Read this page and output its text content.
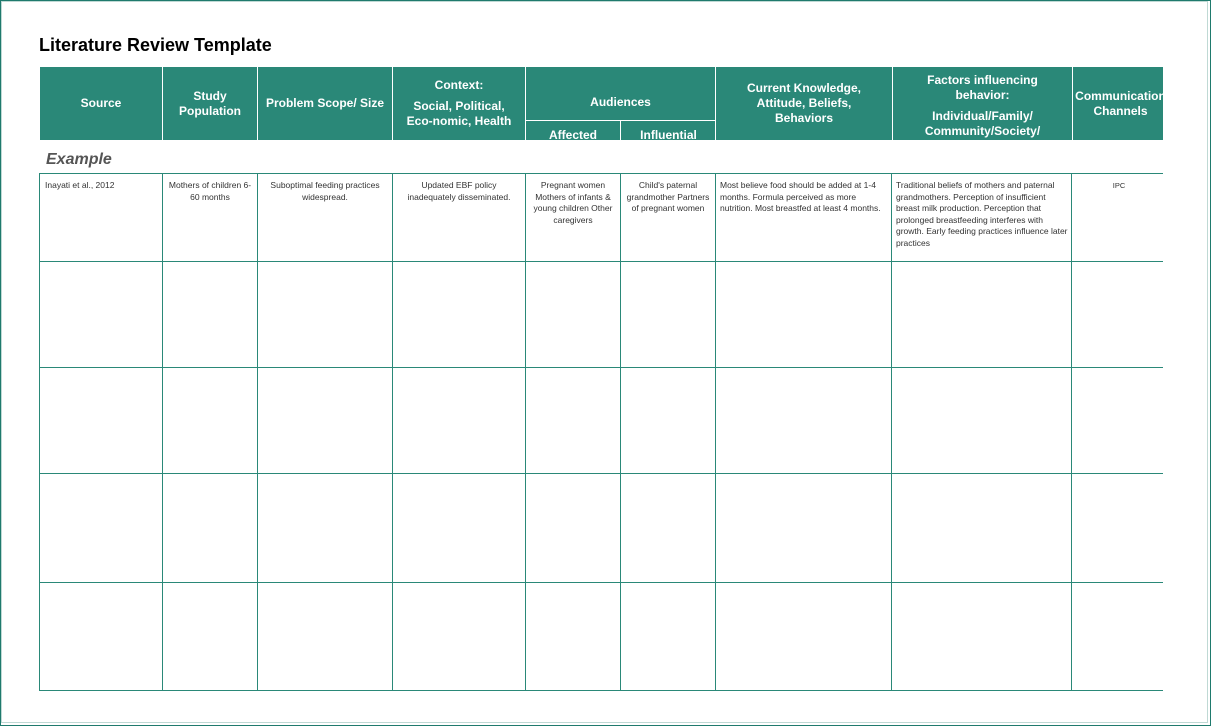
Literature Review Template
Source
Study Population
Problem Scope/ Size
Context:
Social, Political, Eco-nomic, Health
Audiences
Affected	Influential
Current Knowledge, Attitude, Beliefs, Behaviors
Factors influencing behavior:
Individual/Family/ Community/Society/ Health System
Communication Channels
Example
Inayati et al., 2012	Mothers of children 6-60 months
Suboptimal feeding practices widespread.
Updated EBF policy inadequately disseminated.
Pregnant women Mothers of infants & young children Other caregivers
Child's paternal grandmother Partners of pregnant women
Most believe food should be added at 1-4 months. Formula perceived as more nutrition. Most breastfed at least 4 months.
Traditional beliefs of mothers and paternal grandmothers. Perception of insufficient breast milk production. Perception that prolonged breastfeeding interferes with growth. Early feeding practices influence later practices
IPC
